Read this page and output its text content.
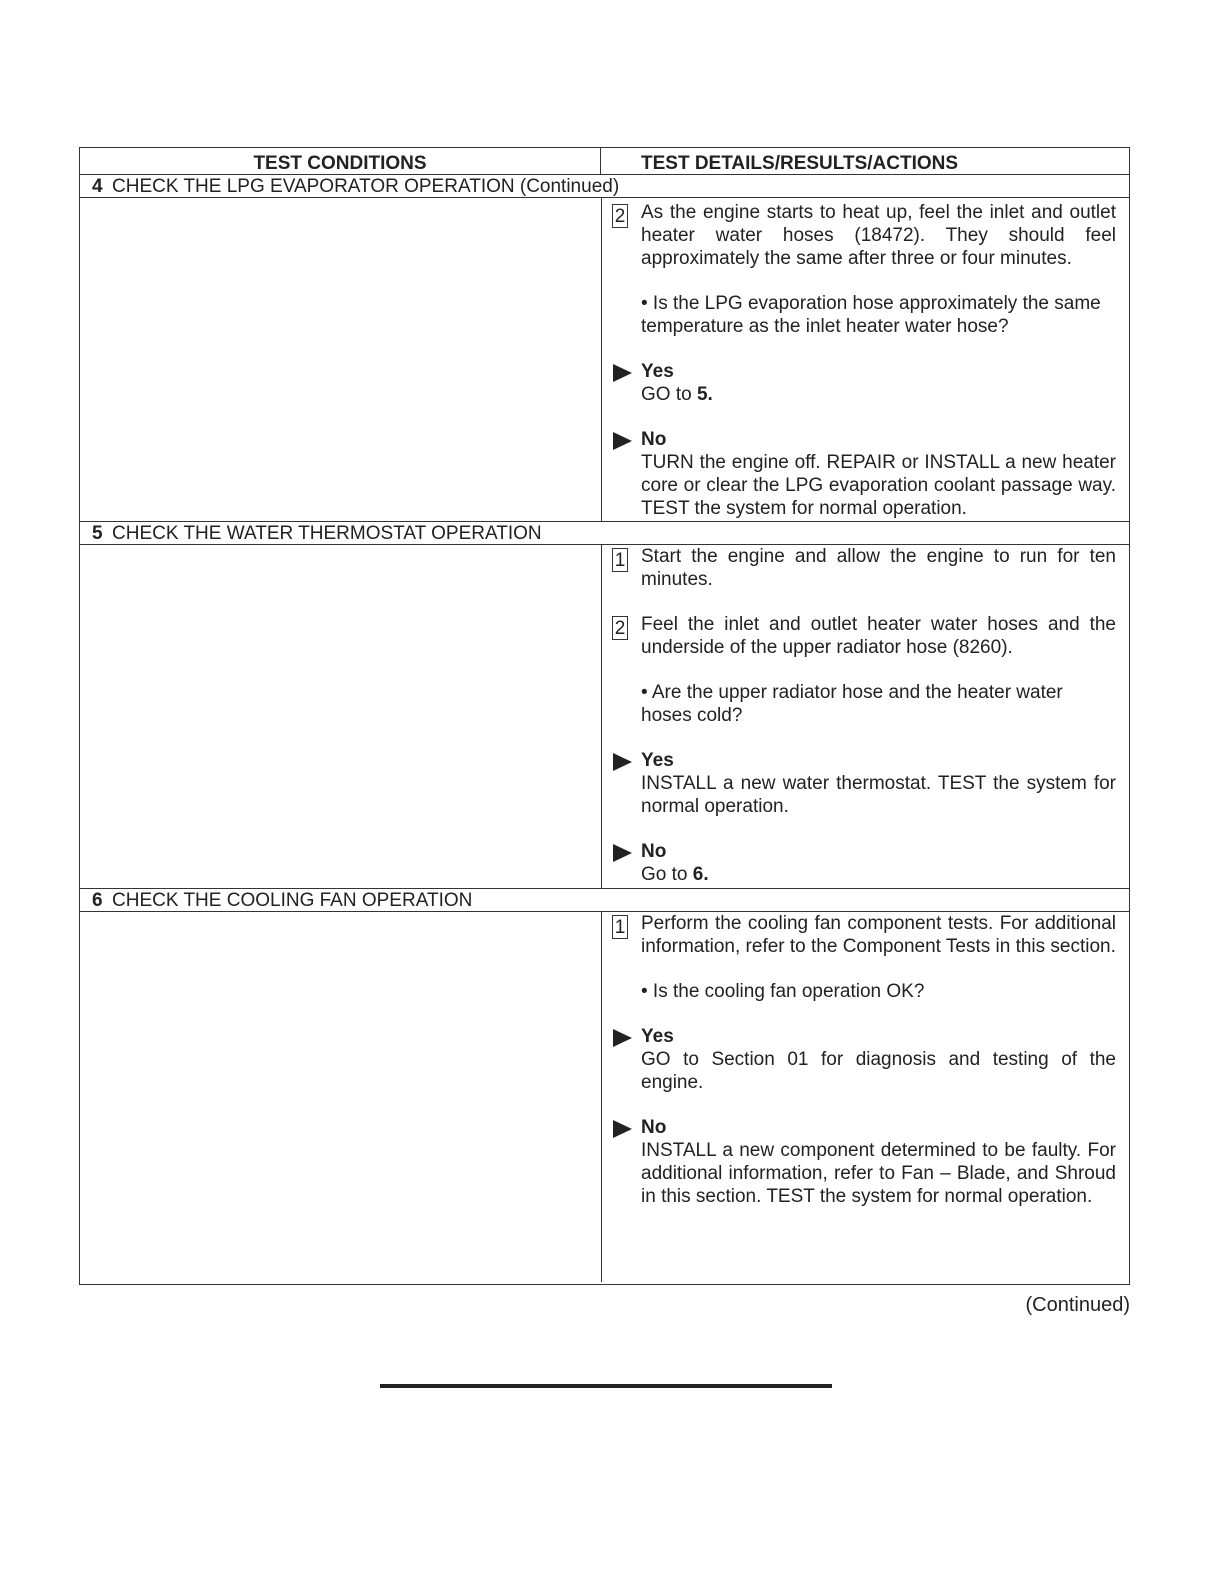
TEST CONDITIONS	TEST DETAILS/RESULTS/ACTIONS
4 CHECK THE LPG EVAPORATOR OPERATION (Continued)
2 As the engine starts to heat up, feel the inlet and outlet heater water hoses (18472). They should feel approximately the same after three or four minutes.

• Is the LPG evaporation hose approximately the same temperature as the inlet heater water hose?

Yes

GO to 5.

No

TURN the engine off. REPAIR or INSTALL a new heater core or clear the LPG evaporation coolant passage way. TEST the system for normal operation.

5 CHECK THE WATER THERMOSTAT OPERATION
1 Start the engine and allow the engine to run for ten minutes.

2 Feel the inlet and outlet heater water hoses and the underside of the upper radiator hose (8260).

• Are the upper radiator hose and the heater water hoses cold?

Yes

INSTALL a new water thermostat. TEST the system for normal operation.

No

Go to 6.

6 CHECK THE COOLING FAN OPERATION
1 Perform the cooling fan component tests. For additional information, refer to the Component Tests in this section.

• Is the cooling fan operation OK?

Yes

GO to Section 01 for diagnosis and testing of the engine.

No

INSTALL a new component determined to be faulty. For additional information, refer to Fan – Blade, and Shroud in this section. TEST the system for normal operation.

(Continued)
